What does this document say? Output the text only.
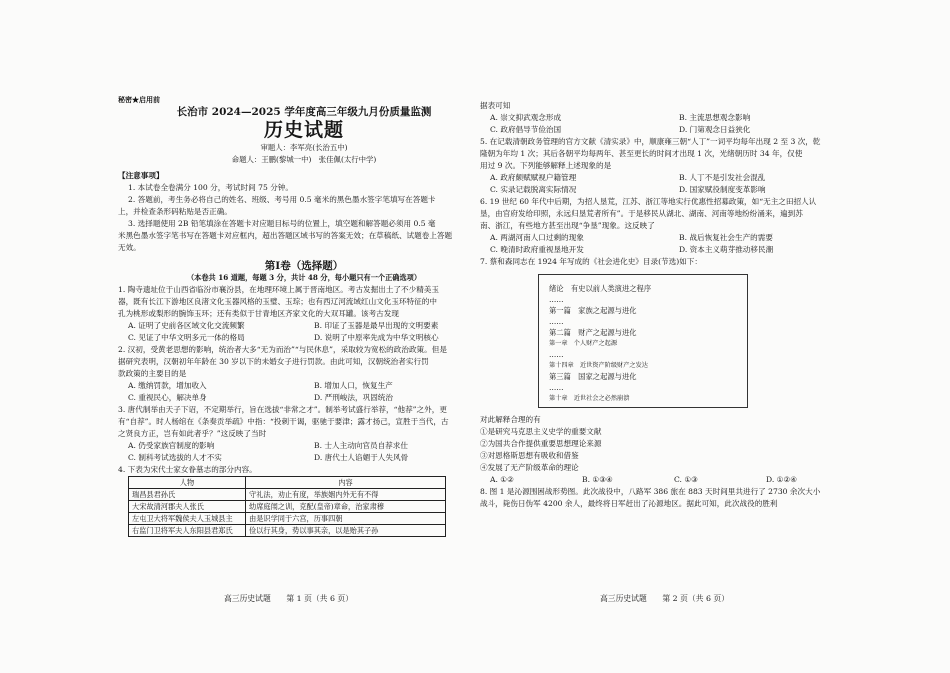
秘密★启用前
长治市 2024—2025 学年度高三年级九月份质量监测
历史试题
审题人：李军亮(长治五中)
命题人：王鹏(黎城一中)　张佳佩(太行中学)
【注意事项】
1. 本试卷全卷满分 100 分，考试时间 75 分钟。
2. 答题前，考生务必将自己的姓名、班级、考号用 0.5 毫米的黑色墨水签字笔填写在答题卡
上，并检查条形码粘贴是否正确。
3. 选择题使用 2B 铅笔填涂在答题卡对应题目标号的位置上，填空题和解答题必须用 0.5 毫
米黑色墨水签字笔书写在答题卡对应框内，超出答题区域书写的答案无效；在草稿纸、试题卷上答题
无效。
第Ⅰ卷（选择题）
（本卷共 16 道题，每题 3 分，共计 48 分，每小题只有一个正确选项）
1. 陶寺遗址位于山西省临汾市襄汾县，在地理环境上属于晋南地区。考古发掘出土了不少精美玉
器，既有长江下游地区良渚文化玉器风格的玉璧、玉琮；也有西辽河流域红山文化玉环特征的中
孔为桃形或梨形的腕饰玉环；还有类似于甘青地区齐家文化的大双耳罐。该考古发现
A. 证明了史前各区域文化交流频繁	B. 印证了玉器是最早出现的文明要素
C. 见证了中华文明多元一体的格局	D. 说明了中原率先成为中华文明核心
2. 汉初，受黄老思想的影响，统治者大多“无为而治”“与民休息”，采取较为宽松的政治政策。但是
据研究表明，汉朝初年年龄在 30 岁以下的未婚女子进行罚款。由此可知，汉朝统治者实行罚
款政策的主要目的是
A. 缴纳罚款，增加收入	B. 增加人口，恢复生产
C. 重视民心，解决单身	D. 严刑峻法，巩固统治
3. 唐代制举由天子下诏，不定期举行，旨在选拔“非常之才”。制举考试盛行举荐，“他荐”之外，更
有“自荐”。时人杨绾在《条奏贡举疏》中指：“投刺干谒，驱驰于要津；露才扬己，宣胜于当代，古
之贤良方正，岂有如此者乎？”这反映了当时
A. 仍受家族官制度的影响	B. 士人主动向官员自荐求仕
C. 制科考试选拔的人才不实	D. 唐代士人谄媚于人失风骨
4. 下表为宋代士家女眷墓志的部分内容。
人物	内容
瑞昌县君孙氏	守礼法，劝止有度，举族姻内外无有不得
大宋故清河郡夫人张氏	幼席庭闱之训，克配(皇帝)章命，治家肃穆
左屯卫大将军魏侯夫人玉城县主	由是识学同于六宫，历事四朝
右监门卫将军夫人东阳县君郑氏	俭以行其身，势以事其亲，以是贻其子孙
据表可知
A. 崇文抑武观念形成	B. 主流思想观念影响
C. 政府倡导节俭治国	D. 门第观念日益狭化
5. 在记载清朝政务管理的官方文献《清实录》中，顺康雍三朝“人丁”一词平均每年出现 2 至 3 次，乾
隆朝为年均 1 次；其后各朝平均每两年、甚至更长的时间才出现 1 次，光绪朝历时 34 年，仅使
用过 9 次。下列能够解释上述现象的是
A. 政府颇赋赋视户籍管理	B. 人丁不是引发社会混乱
C. 实录记载脱离实际情况	D. 国家赋役制度变革影响
6. 19 世纪 60 年代中后期，为招人垦荒，江苏、浙江等地实行优惠性招募政策，如“无主之田招人认
垦，由官府发给印照，永远归垦荒者所有”。于是移民从湖北、湖南、河南等地纷纷涌来，遍到苏
南、浙江，有些地方甚至出现“争垦”现象。这反映了
A. 两湖河南人口过剩的现象	B. 战后恢复社会生产的需要
C. 晚清时政府重视垦地开发	D. 资本主义萌芽推动移民潮
7. 蔡和森同志在 1924 年写成的《社会进化史》目录(节选)如下：
绪论　有史以前人类演进之程序
……
第一篇　家族之起源与进化
……
第二篇　财产之起源与进化
第一章　个人财产之起源
……
第十四章　近世资产阶级财产之发达
第三篇　国家之起源与进化
……
第十章　近世社会之必然崩溃
对此解释合理的有
①是研究马克思主义史学的重要文献
②为国共合作提供重要思想理论来源
③对恩格斯思想有吸收和借鉴
④发展了无产阶级革命的理论
A. ①②	B. ①③④	C. ①③	D. ①②④
8. 图 1 是沁源围困战形势图。此次战役中，八路军 386 旅在 883 天时间里共进行了 2730 余次大小
战斗，毙伤日伪军 4200 余人，最终将日军赶出了沁源地区。据此可知，此次战役的胜利
高三历史试题　　第 1 页（共 6 页）	高三历史试题　　第 2 页（共 6 页）
